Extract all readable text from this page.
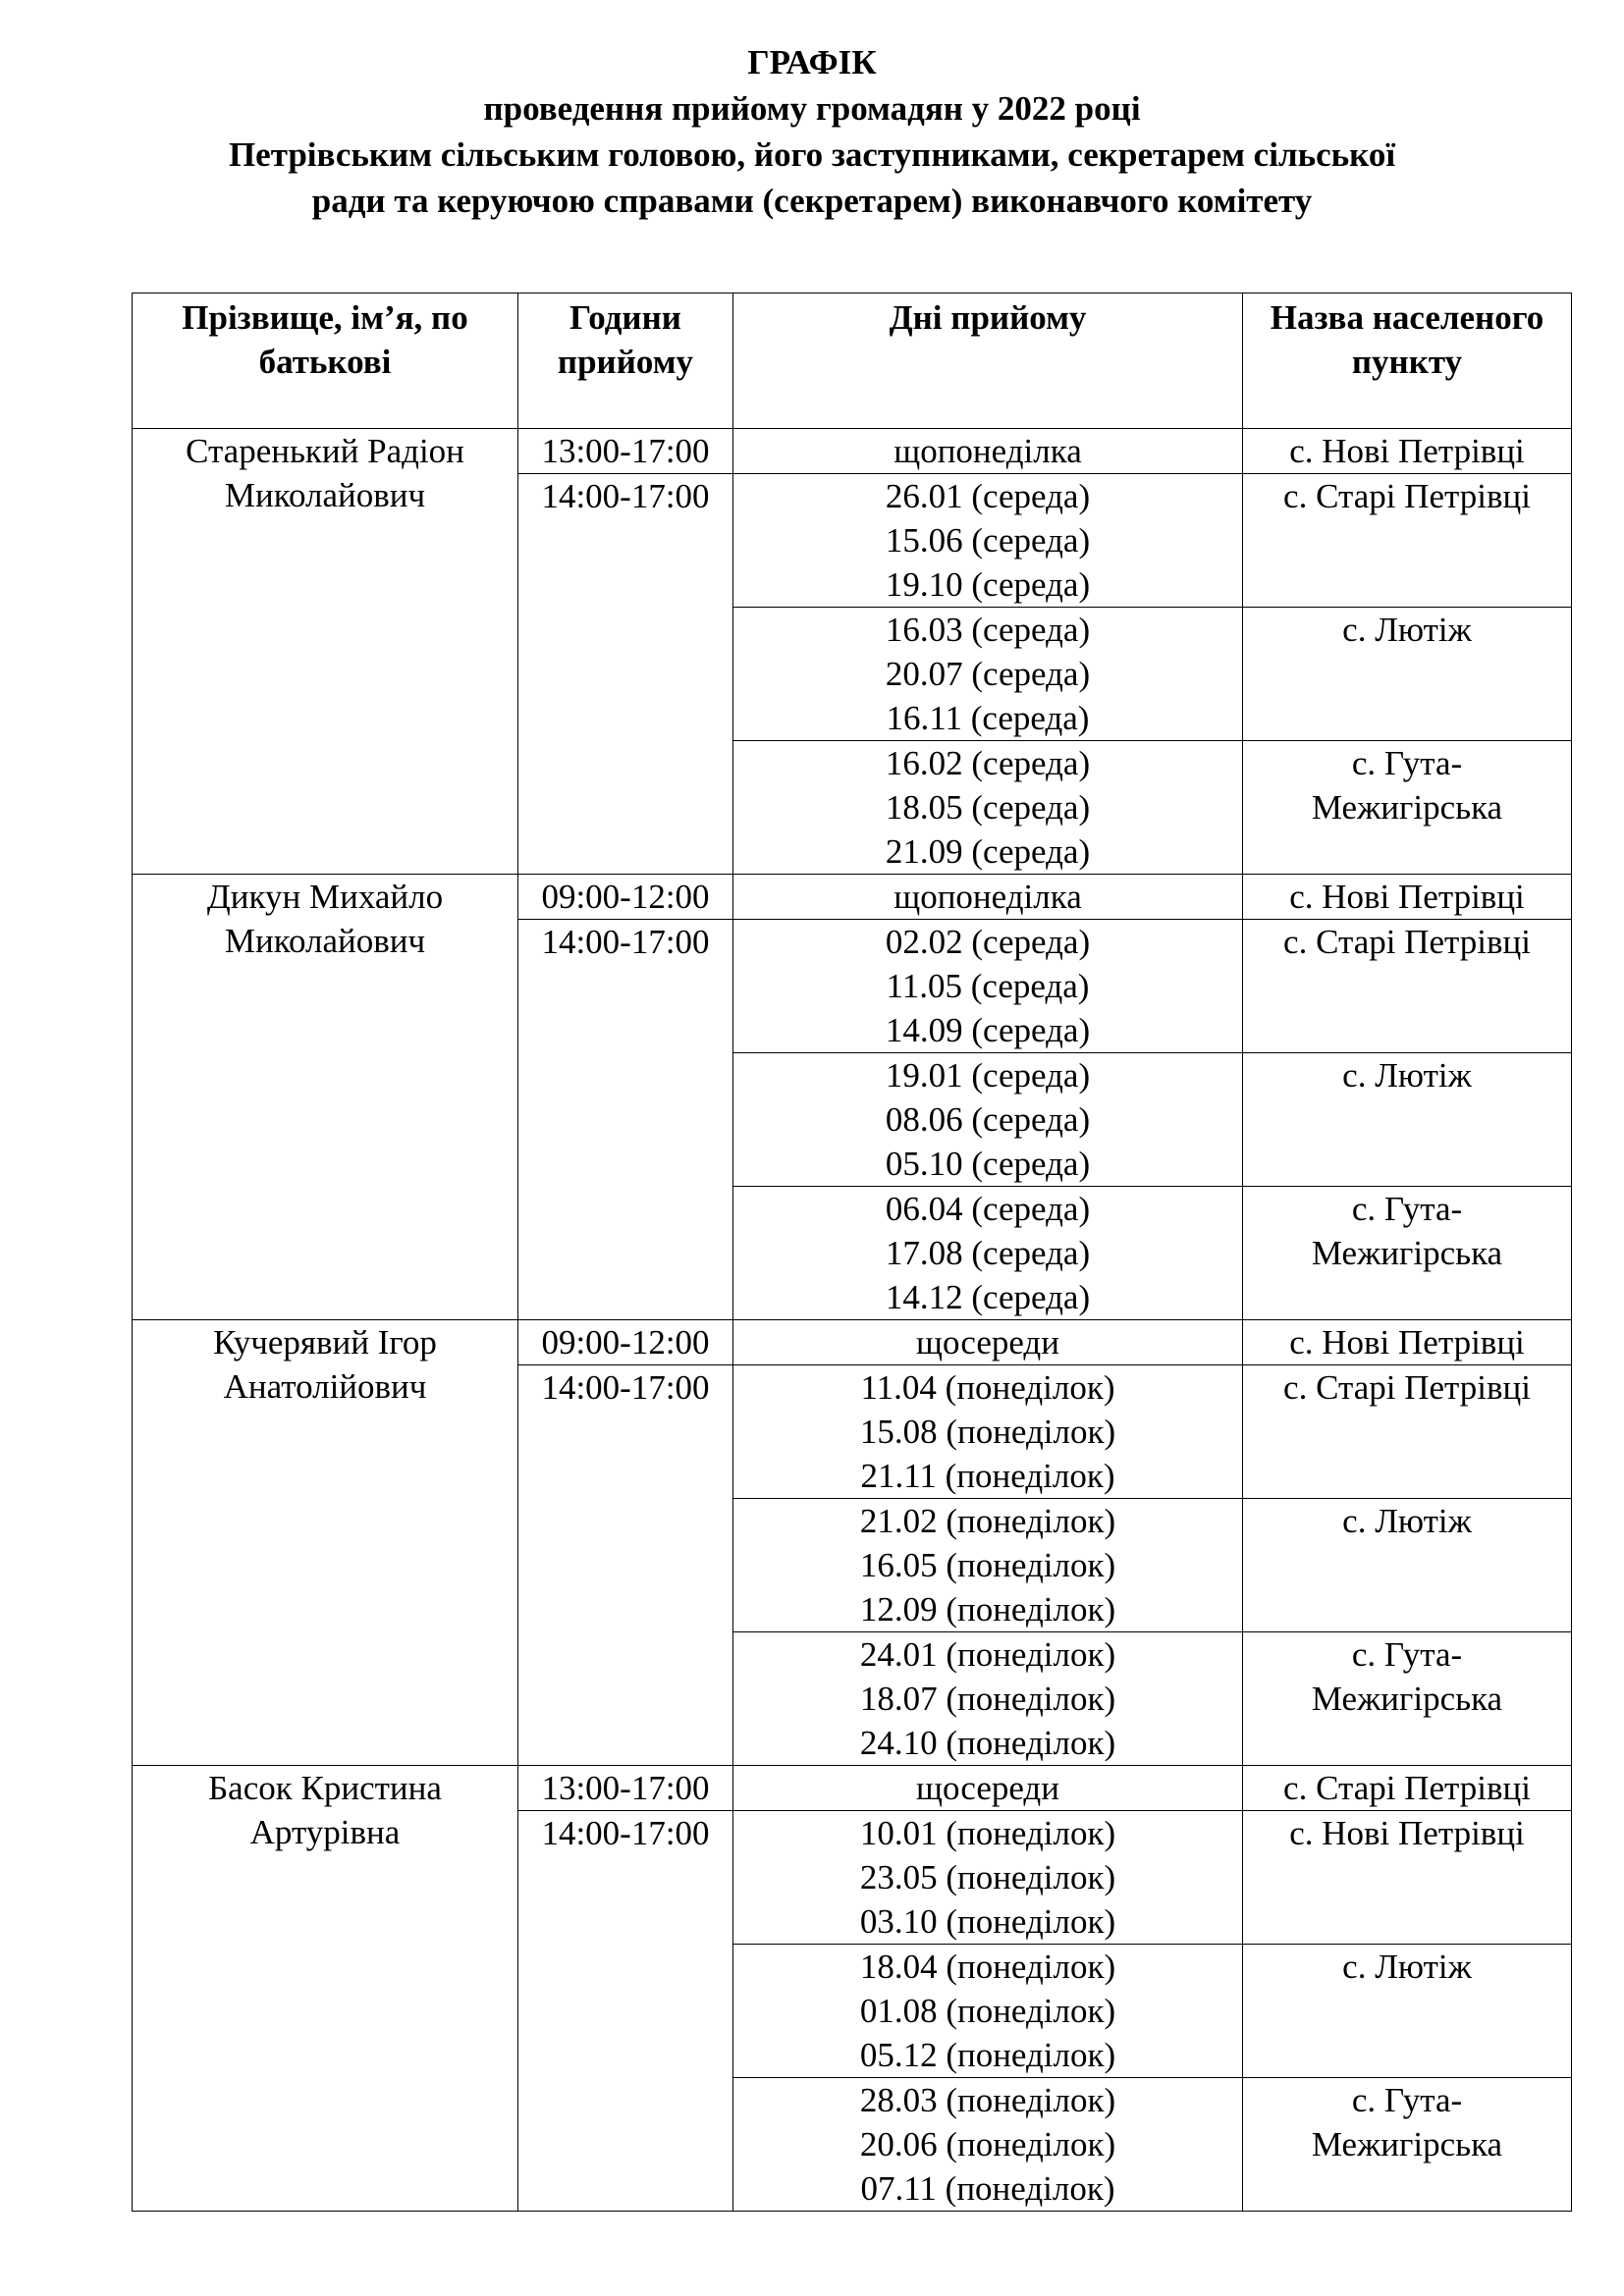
ГРАФІК
проведення прийому громадян у 2022 році
Петрівським сільським головою, його заступниками, секретарем сільської
ради та керуючою справами (секретарем) виконавчого комітету
Прізвище, ім’я, по батькові	Години прийому	Дні прийому	Назва населеного пункту

Старенький Радіон
Миколайович	13:00-17:00	щопонеділка	с. Нові Петрівці
	14:00-17:00	26.01 (середа)
15.06 (середа)
19.10 (середа)	с. Старі Петрівці

		16.03 (середа)
20.07 (середа)
16.11 (середа)	с. Лютіж

		16.02 (середа)
18.05 (середа)
21.09 (середа)	с. Гута-
Межигірська

Дикун Михайло
Миколайович	09:00-12:00	щопонеділка	с. Нові Петрівці
	14:00-17:00	02.02 (середа)
11.05 (середа)
14.09 (середа)	с. Старі Петрівці

		19.01 (середа)
08.06 (середа)
05.10 (середа)	с. Лютіж

		06.04 (середа)
17.08 (середа)
14.12 (середа)	с. Гута-
Межигірська

Кучерявий Ігор
Анатолійович	09:00-12:00	щосереди	с. Нові Петрівці
	14:00-17:00	11.04 (понеділок)
15.08 (понеділок)
21.11 (понеділок)	с. Старі Петрівці

		21.02 (понеділок)
16.05 (понеділок)
12.09 (понеділок)	с. Лютіж

		24.01 (понеділок)
18.07 (понеділок)
24.10 (понеділок)	с. Гута-
Межигірська

Басок Кристина
Артурівна	13:00-17:00	щосереди	с. Старі Петрівці
	14:00-17:00	10.01 (понеділок)
23.05 (понеділок)
03.10 (понеділок)	с. Нові Петрівці

		18.04 (понеділок)
01.08 (понеділок)
05.12 (понеділок)	с. Лютіж

		28.03 (понеділок)
20.06 (понеділок)
07.11 (понеділок)	с. Гута-
Межигірська
